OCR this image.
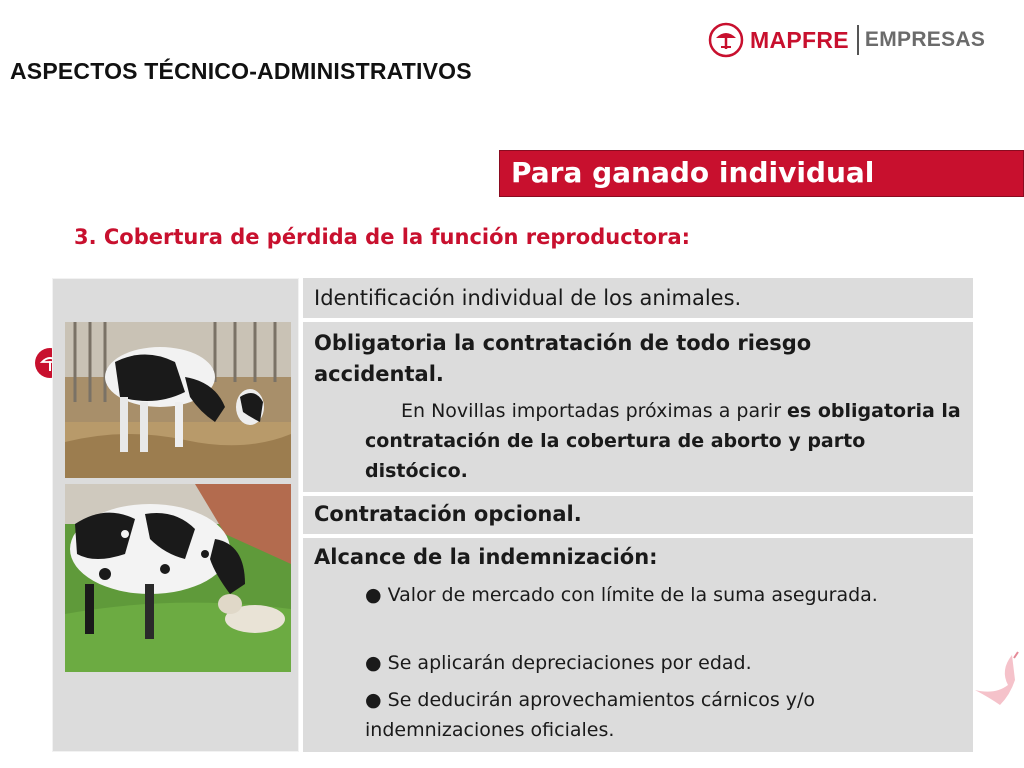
ASPECTOS TÉCNICO-ADMINISTRATIVOS
MAPFRE EMPRESAS
Para ganado individual
3. Cobertura de pérdida de la función reproductora:
Identificación individual de los animales.
Obligatoria la contratación de todo riesgo accidental.
En Novillas importadas próximas a parir es obligatoria la contratación de la cobertura de aborto y parto distócico.
Contratación opcional.
Alcance de la indemnización:
● Valor de mercado con límite de la suma asegurada.
● Se aplicarán depreciaciones por edad.
● Se deducirán aprovechamientos cárnicos y/o indemnizaciones oficiales.
